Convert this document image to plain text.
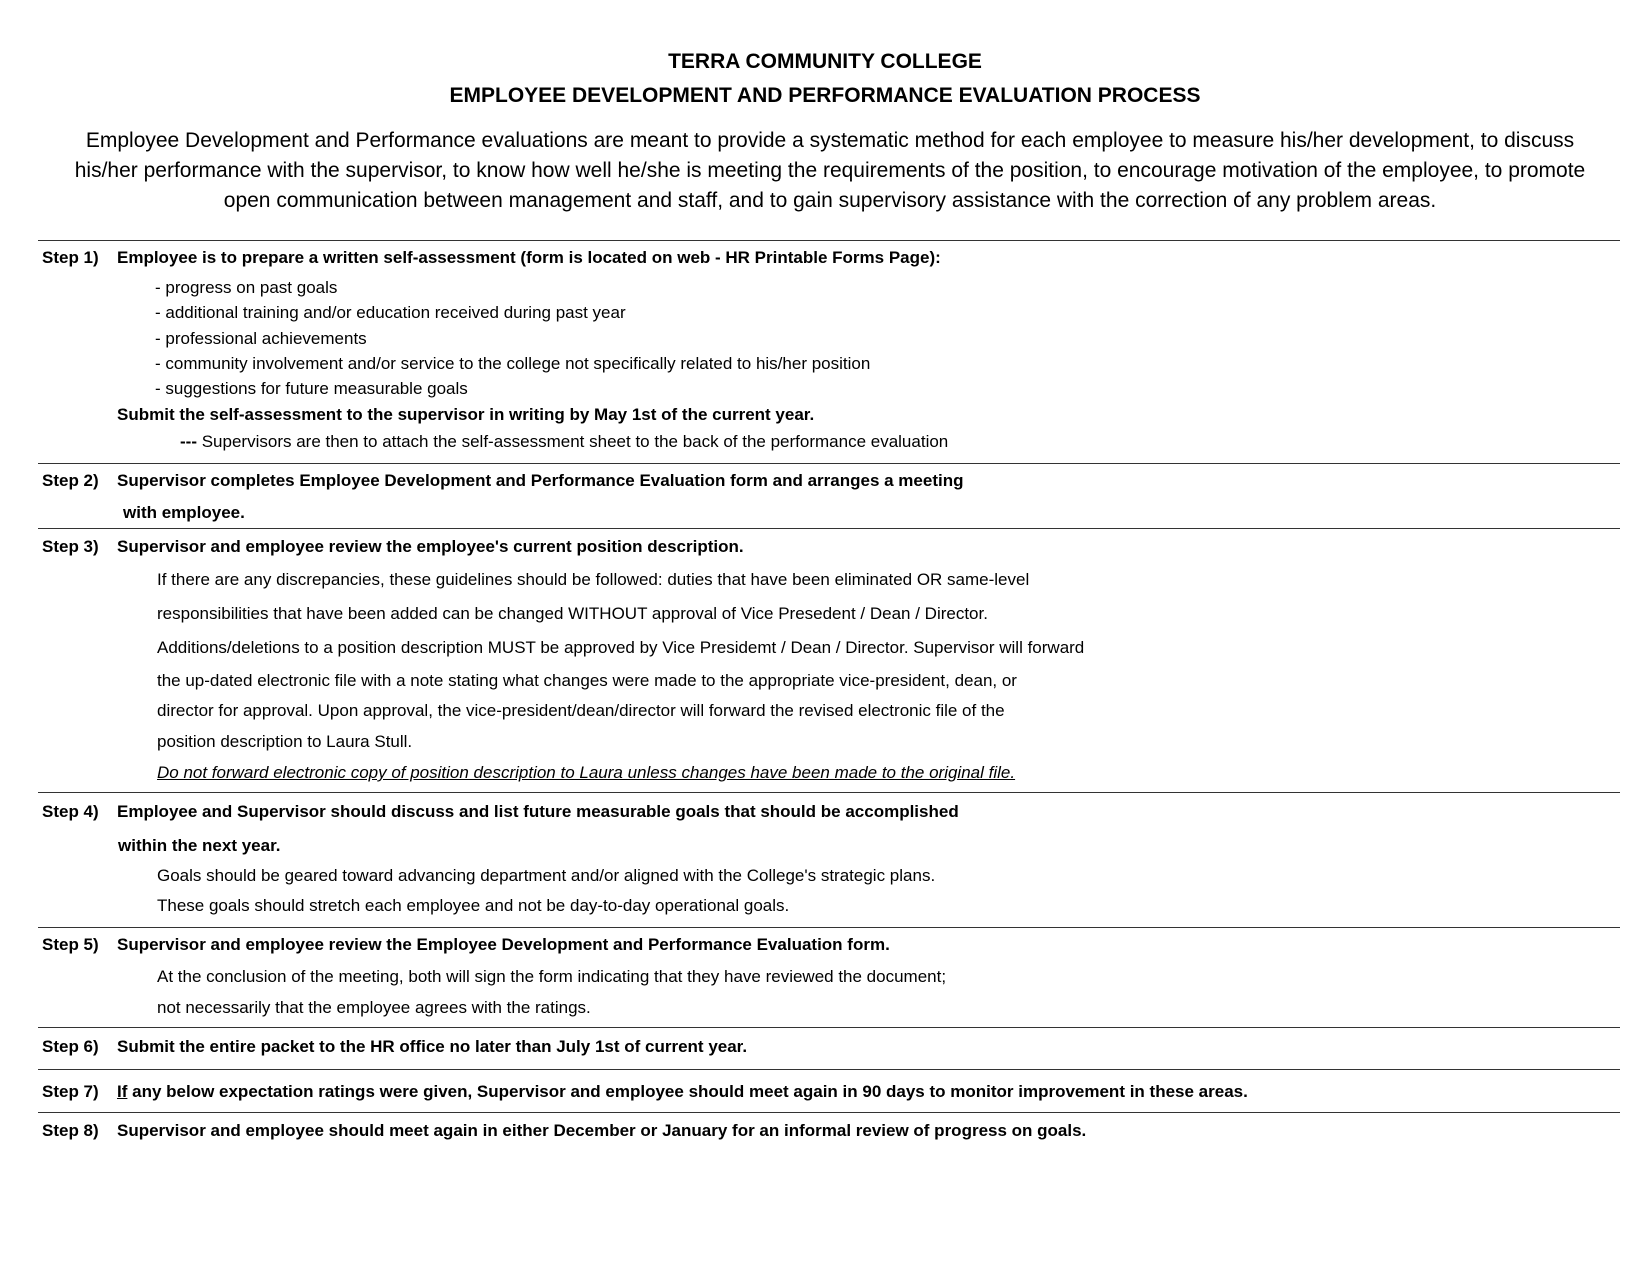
TERRA COMMUNITY COLLEGE
EMPLOYEE DEVELOPMENT AND PERFORMANCE EVALUATION PROCESS
Employee Development and Performance evaluations are meant to provide a systematic method for each employee to measure his/her development, to discuss
his/her performance with the supervisor, to know how well he/she is meeting the requirements of the position, to encourage motivation of the employee, to promote
open communication between management and staff, and to gain supervisory assistance with the correction of any problem areas.
Step 1) Employee is to prepare a written self-assessment (form is located on web - HR Printable Forms Page):
- progress on past goals
- additional training and/or education received during past year
- professional achievements
- community involvement and/or service to the college not specifically related to his/her position
- suggestions for future measurable goals
Submit the self-assessment to the supervisor in writing by May 1st of the current year.
--- Supervisors are then to attach the self-assessment sheet to the back of the performance evaluation
Step 2) Supervisor completes Employee Development and Performance Evaluation form and arranges a meeting
with employee.
Step 3) Supervisor and employee review the employee's current position description.
If there are any discrepancies, these guidelines should be followed: duties that have been eliminated OR same-level
responsibilities that have been added can be changed WITHOUT approval of Vice Presedent / Dean / Director.
Additions/deletions to a position description MUST be approved by Vice Presidemt / Dean / Director. Supervisor will forward
the up-dated electronic file with a note stating what changes were made to the appropriate vice-president, dean, or
director for approval. Upon approval, the vice-president/dean/director will forward the revised electronic file of the
position description to Laura Stull.
Do not forward electronic copy of position description to Laura unless changes have been made to the original file.
Step 4) Employee and Supervisor should discuss and list future measurable goals that should be accomplished
within the next year.
Goals should be geared toward advancing department and/or aligned with the College's strategic plans.
These goals should stretch each employee and not be day-to-day operational goals.
Step 5) Supervisor and employee review the Employee Development and Performance Evaluation form.
At the conclusion of the meeting, both will sign the form indicating that they have reviewed the document;
not necessarily that the employee agrees with the ratings.
Step 6) Submit the entire packet to the HR office no later than July 1st of current year.
Step 7) If any below expectation ratings were given, Supervisor and employee should meet again in 90 days to monitor improvement in these areas.
Step 8) Supervisor and employee should meet again in either December or January for an informal review of progress on goals.
